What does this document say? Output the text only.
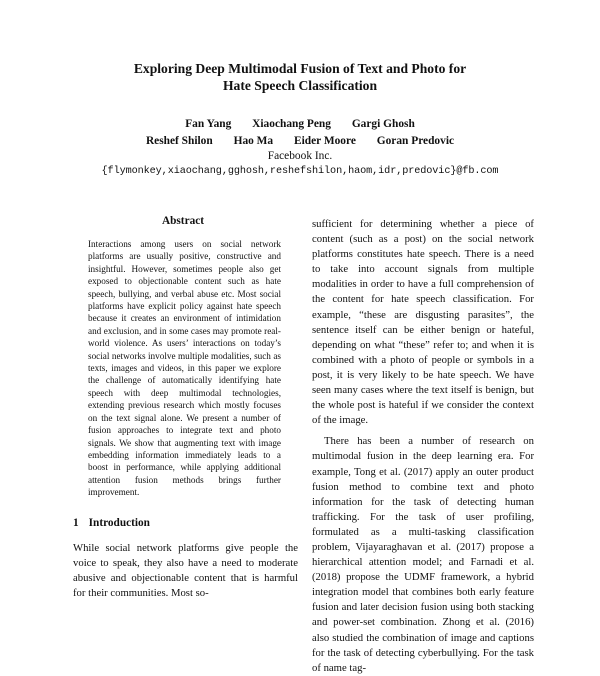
Exploring Deep Multimodal Fusion of Text and Photo for
Hate Speech Classification
Fan Yang Xiaochang Peng Gargi Ghosh
Reshef Shilon Hao Ma Eider Moore Goran Predovic
Facebook Inc.
{flymonkey,xiaochang,gghosh,reshefshilon,haom,idr,predovic}@fb.com
Abstract
Interactions among users on social network platforms are usually positive, constructive and insightful. However, sometimes people also get exposed to objectionable content such as hate speech, bullying, and verbal abuse etc. Most social platforms have explicit policy against hate speech because it creates an environment of intimidation and exclusion, and in some cases may promote real-world violence. As users’ interactions on today’s social networks involve multiple modalities, such as texts, images and videos, in this paper we explore the challenge of automatically identifying hate speech with deep multimodal technologies, extending previous research which mostly focuses on the text signal alone. We present a number of fusion approaches to integrate text and photo signals. We show that augmenting text with image embedding information immediately leads to a boost in performance, while applying additional attention fusion methods brings further improvement.
1 Introduction
While social network platforms give people the voice to speak, they also have a need to moderate abusive and objectionable content that is harmful for their communities. Most so-

sufficient for determining whether a piece of content (such as a post) on the social network platforms constitutes hate speech. There is a need to take into account signals from multiple modalities in order to have a full comprehension of the content for hate speech classification. For example, “these are disgusting parasites”, the sentence itself can be either benign or hateful, depending on what “these” refer to; and when it is combined with a photo of people or symbols in a post, it is very likely to be hate speech. We have seen many cases where the text itself is benign, but the whole post is hateful if we consider the context of the image.

There has been a number of research on multimodal fusion in the deep learning era. For example, Tong et al. (2017) apply an outer product fusion method to combine text and photo information for the task of detecting human trafficking. For the task of user profiling, formulated as a multi-tasking classification problem, Vijayaraghavan et al. (2017) propose a hierarchical attention model; and Farnadi et al. (2018) propose the UDMF framework, a hybrid integration model that combines both early feature fusion and later decision fusion using both stacking and power-set combination. Zhong et al. (2016) also studied the combination of image and captions for the task of detecting cyberbullying. For the task of name tag-
